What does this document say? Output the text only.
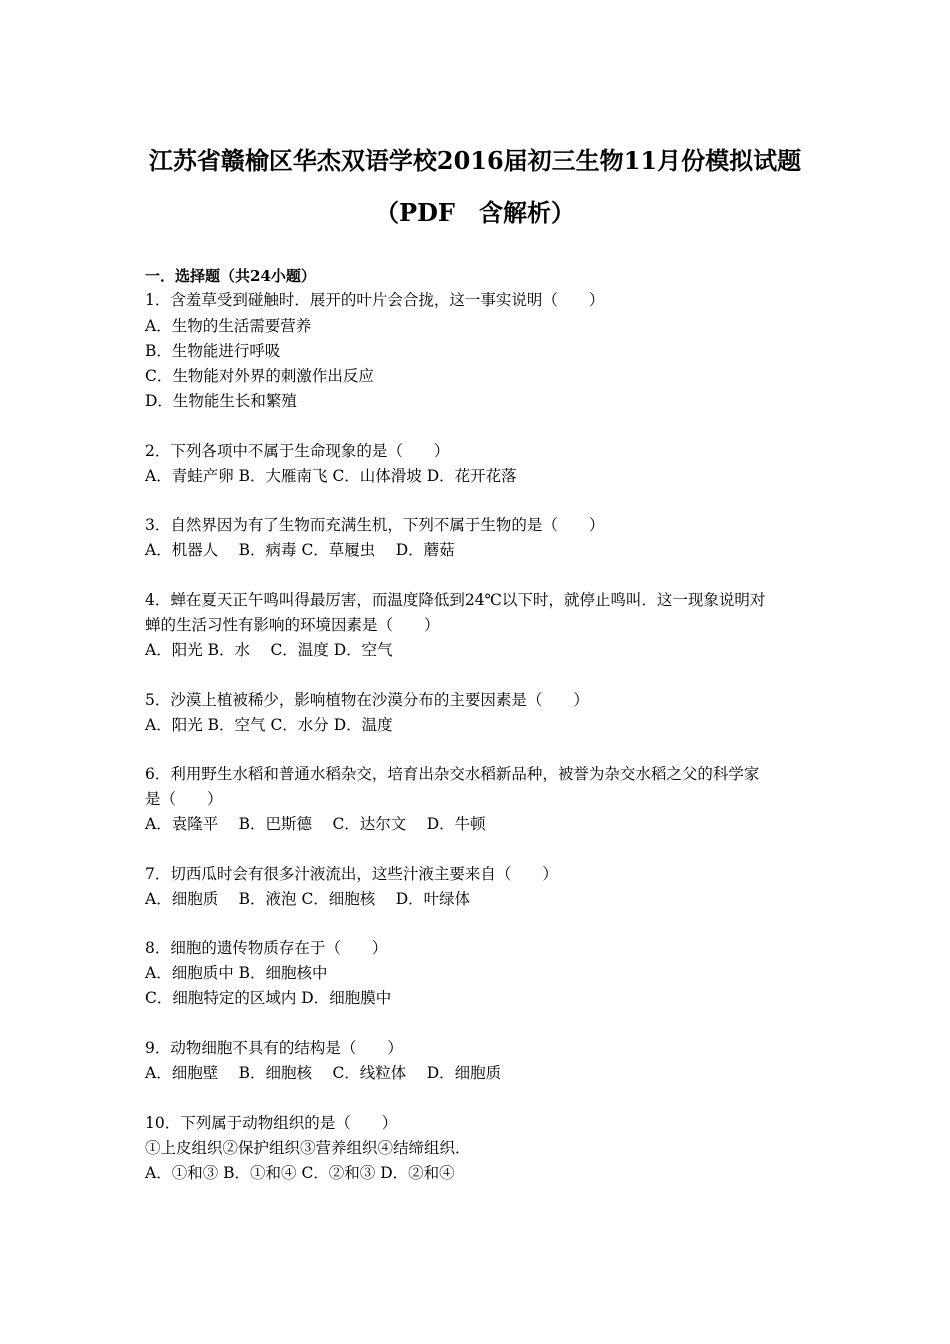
江苏省赣榆区华杰双语学校2016届初三生物11月份模拟试题
（PDF　含解析）
一．选择题（共24小题）
1．含羞草受到碰触时．展开的叶片会合拢，这一事实说明（　　）
A．生物的生活需要营养
B．生物能进行呼吸
C．生物能对外界的刺激作出反应
D．生物能生长和繁殖
2．下列各项中不属于生命现象的是（　　）
A．青蛙产卵 B．大雁南飞 C．山体滑坡 D．花开花落
3．自然界因为有了生物而充满生机，下列不属于生物的是（　　）
A．机器人　 B．病毒 C．草履虫　 D．蘑菇
4．蝉在夏天正午鸣叫得最厉害，而温度降低到24℃以下时，就停止鸣叫．这一现象说明对
蝉的生活习性有影响的环境因素是（　　）
A．阳光 B．水　 C．温度 D．空气
5．沙漠上植被稀少，影响植物在沙漠分布的主要因素是（　　）
A．阳光 B．空气 C．水分 D．温度
6．利用野生水稻和普通水稻杂交，培育出杂交水稻新品种，被誉为杂交水稻之父的科学家
是（　　）
A．袁隆平　 B．巴斯德　 C．达尔文　 D．牛顿
7．切西瓜时会有很多汁液流出，这些汁液主要来自（　　）
A．细胞质　 B．液泡 C．细胞核　 D．叶绿体
8．细胞的遗传物质存在于（　　）
A．细胞质中 B．细胞核中
C．细胞特定的区域内 D．细胞膜中
9．动物细胞不具有的结构是（　　）
A．细胞壁　 B．细胞核　 C．线粒体　 D．细胞质
10．下列属于动物组织的是（　　）
①上皮组织②保护组织③营养组织④结缔组织．
A．①和③ B．①和④ C．②和③ D．②和④
